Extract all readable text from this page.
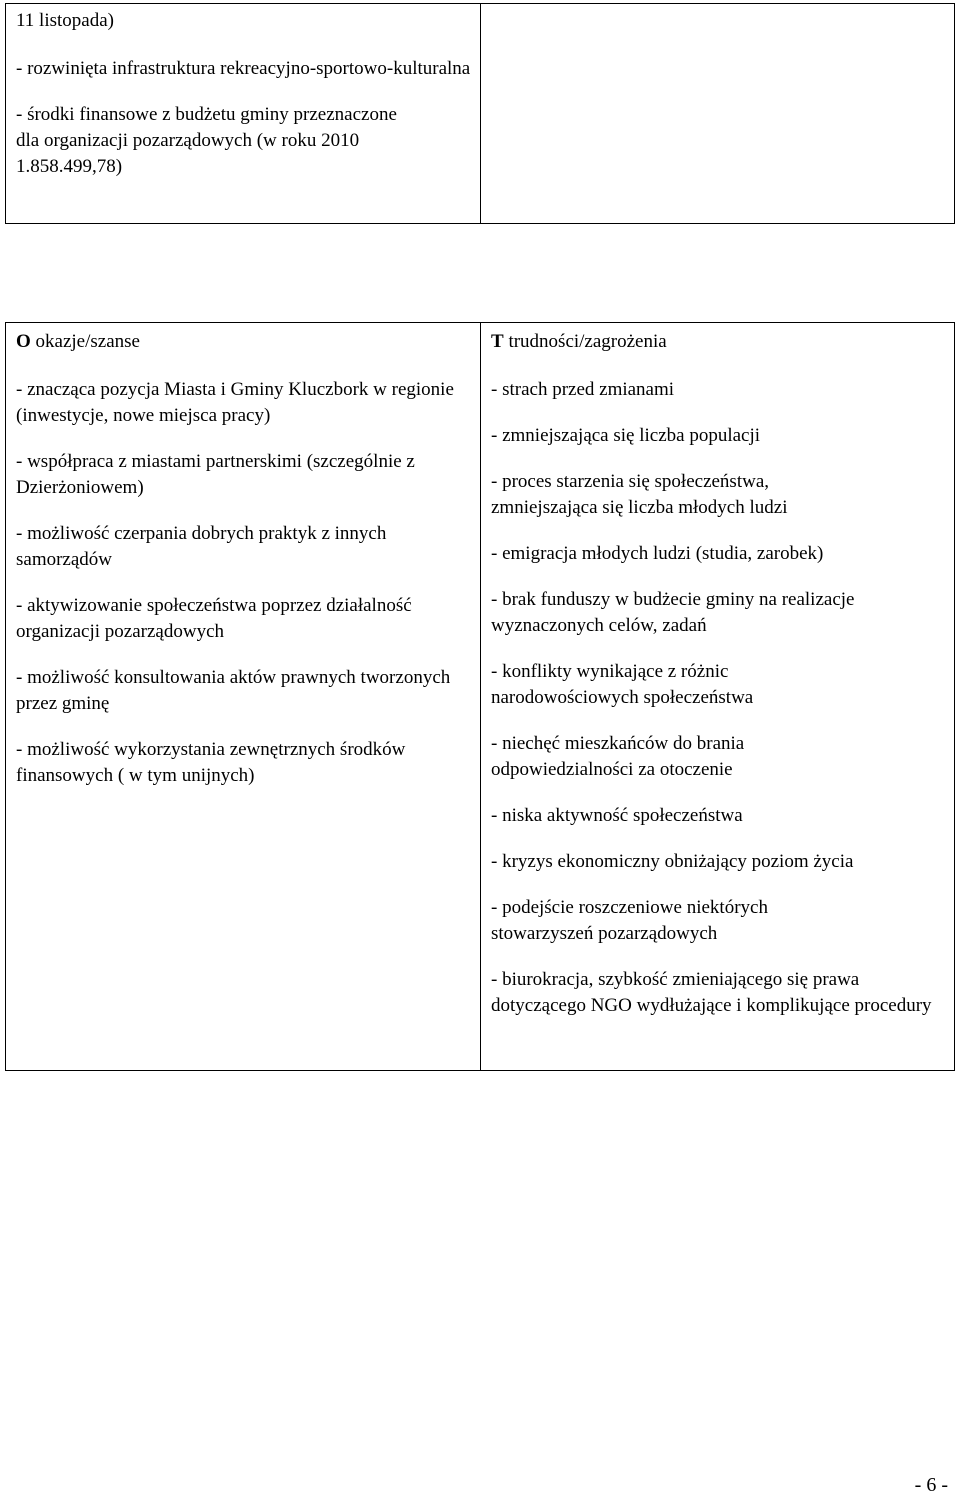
11 listopada)

- rozwinięta infrastruktura rekreacyjno-sportowo-kulturalna

- środki finansowe z budżetu gminy przeznaczone dla organizacji pozarządowych (w roku 2010 1.858.499,78)

O okazje/szanse

- znacząca pozycja Miasta i Gminy Kluczbork w regionie (inwestycje, nowe miejsca pracy)

- współpraca z miastami partnerskimi (szczególnie z Dzierżoniowem)

- możliwość czerpania dobrych praktyk z innych samorządów

- aktywizowanie społeczeństwa poprzez działalność organizacji pozarządowych

- możliwość konsultowania aktów prawnych tworzonych przez gminę

- możliwość wykorzystania zewnętrznych środków finansowych ( w tym unijnych)

T trudności/zagrożenia

- strach przed zmianami

- zmniejszająca się liczba populacji

- proces starzenia się społeczeństwa, zmniejszająca się liczba młodych ludzi

- emigracja młodych ludzi (studia, zarobek)

- brak funduszy w budżecie gminy na realizacje wyznaczonych celów, zadań

- konflikty wynikające z różnic narodowościowych społeczeństwa

- niechęć mieszkańców do brania odpowiedzialności za otoczenie

- niska aktywność społeczeństwa

- kryzys ekonomiczny obniżający poziom życia

- podejście roszczeniowe niektórych stowarzyszeń pozarządowych

- biurokracja, szybkość zmieniającego się prawa dotyczącego NGO wydłużające i komplikujące procedury

- 6 -
